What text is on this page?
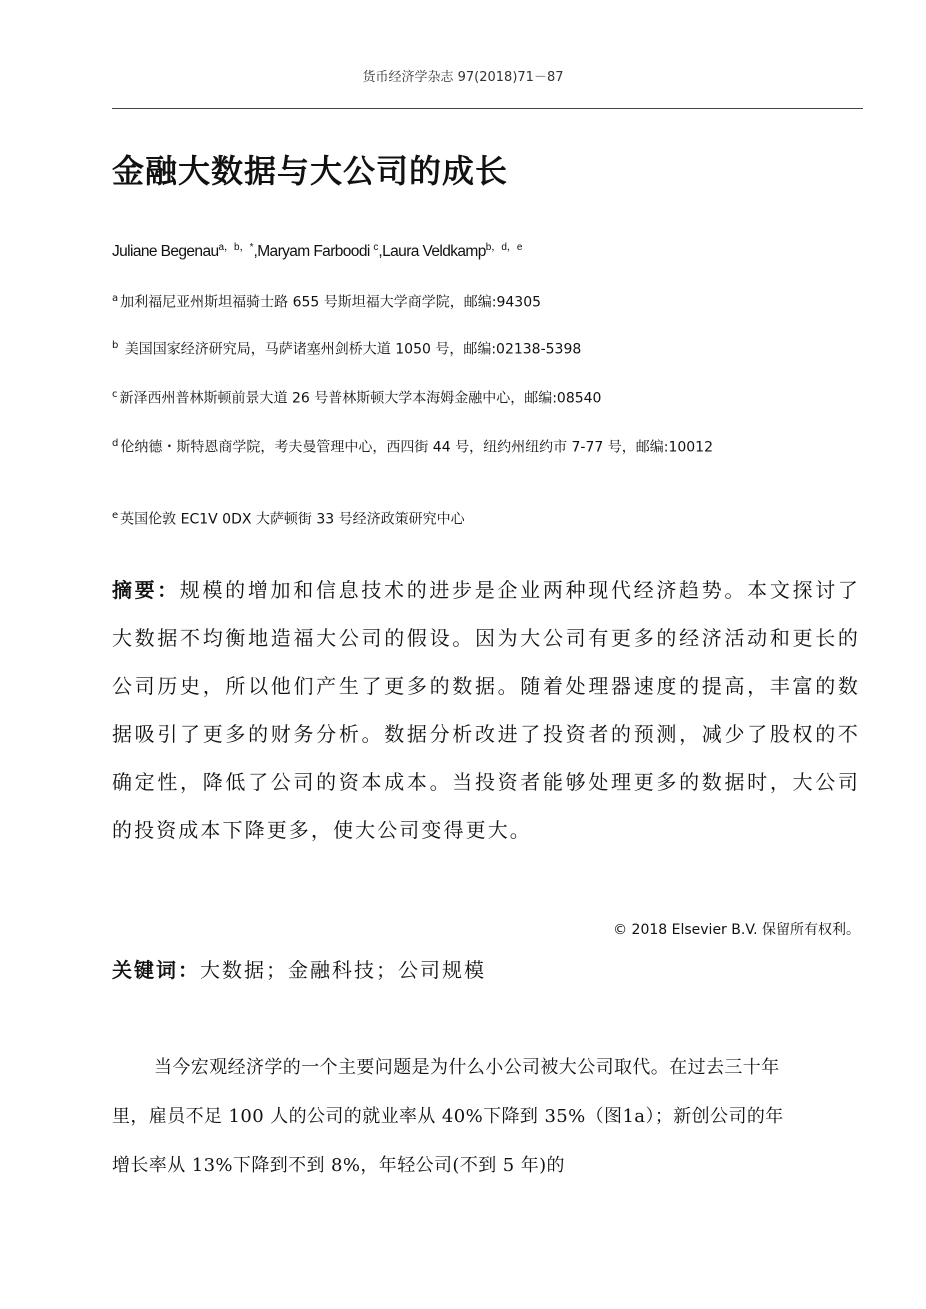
货币经济学杂志 97(2018)71－87
金融大数据与大公司的成长
Juliane Begenau$^{a,b,*}$,Maryam Farboodi $^c$,Laura Veldkamp$^{b,d,e}$
$^a$ 加利福尼亚州斯坦福骑士路 655 号斯坦福大学商学院，邮编:94305
$^b$ 美国国家经济研究局，马萨诸塞州剑桥大道 1050 号，邮编:02138-5398
$^c$ 新泽西州普林斯顿前景大道 26 号普林斯顿大学本海姆金融中心，邮编:08540
$^d$ 伦纳德・斯特恩商学院，考夫曼管理中心，西四街 44 号，纽约州纽约市 7-77 号，邮编:10012
$^e$ 英国伦敦 EC1V 0DX 大萨顿街 33 号经济政策研究中心

摘要：规模的增加和信息技术的进步是企业两种现代经济趋势。本文探讨了大数据不均衡地造福大公司的假设。因为大公司有更多的经济活动和更长的公司历史，所以他们产生了更多的数据。随着处理器速度的提高，丰富的数据吸引了更多的财务分析。数据分析改进了投资者的预测，减少了股权的不确定性，降低了公司的资本成本。当投资者能够处理更多的数据时，大公司的投资成本下降更多，使大公司变得更大。

© 2018 Elsevier B.V. 保留所有权利。
关键词：大数据；金融科技；公司规模

当今宏观经济学的一个主要问题是为什么小公司被大公司取代。在过去三十年里，雇员不足 100 人的公司的就业率从 40%下降到 35%（图1a）；新创公司的年增长率从 13%下降到不到 8%，年轻公司(不到 5 年)的
